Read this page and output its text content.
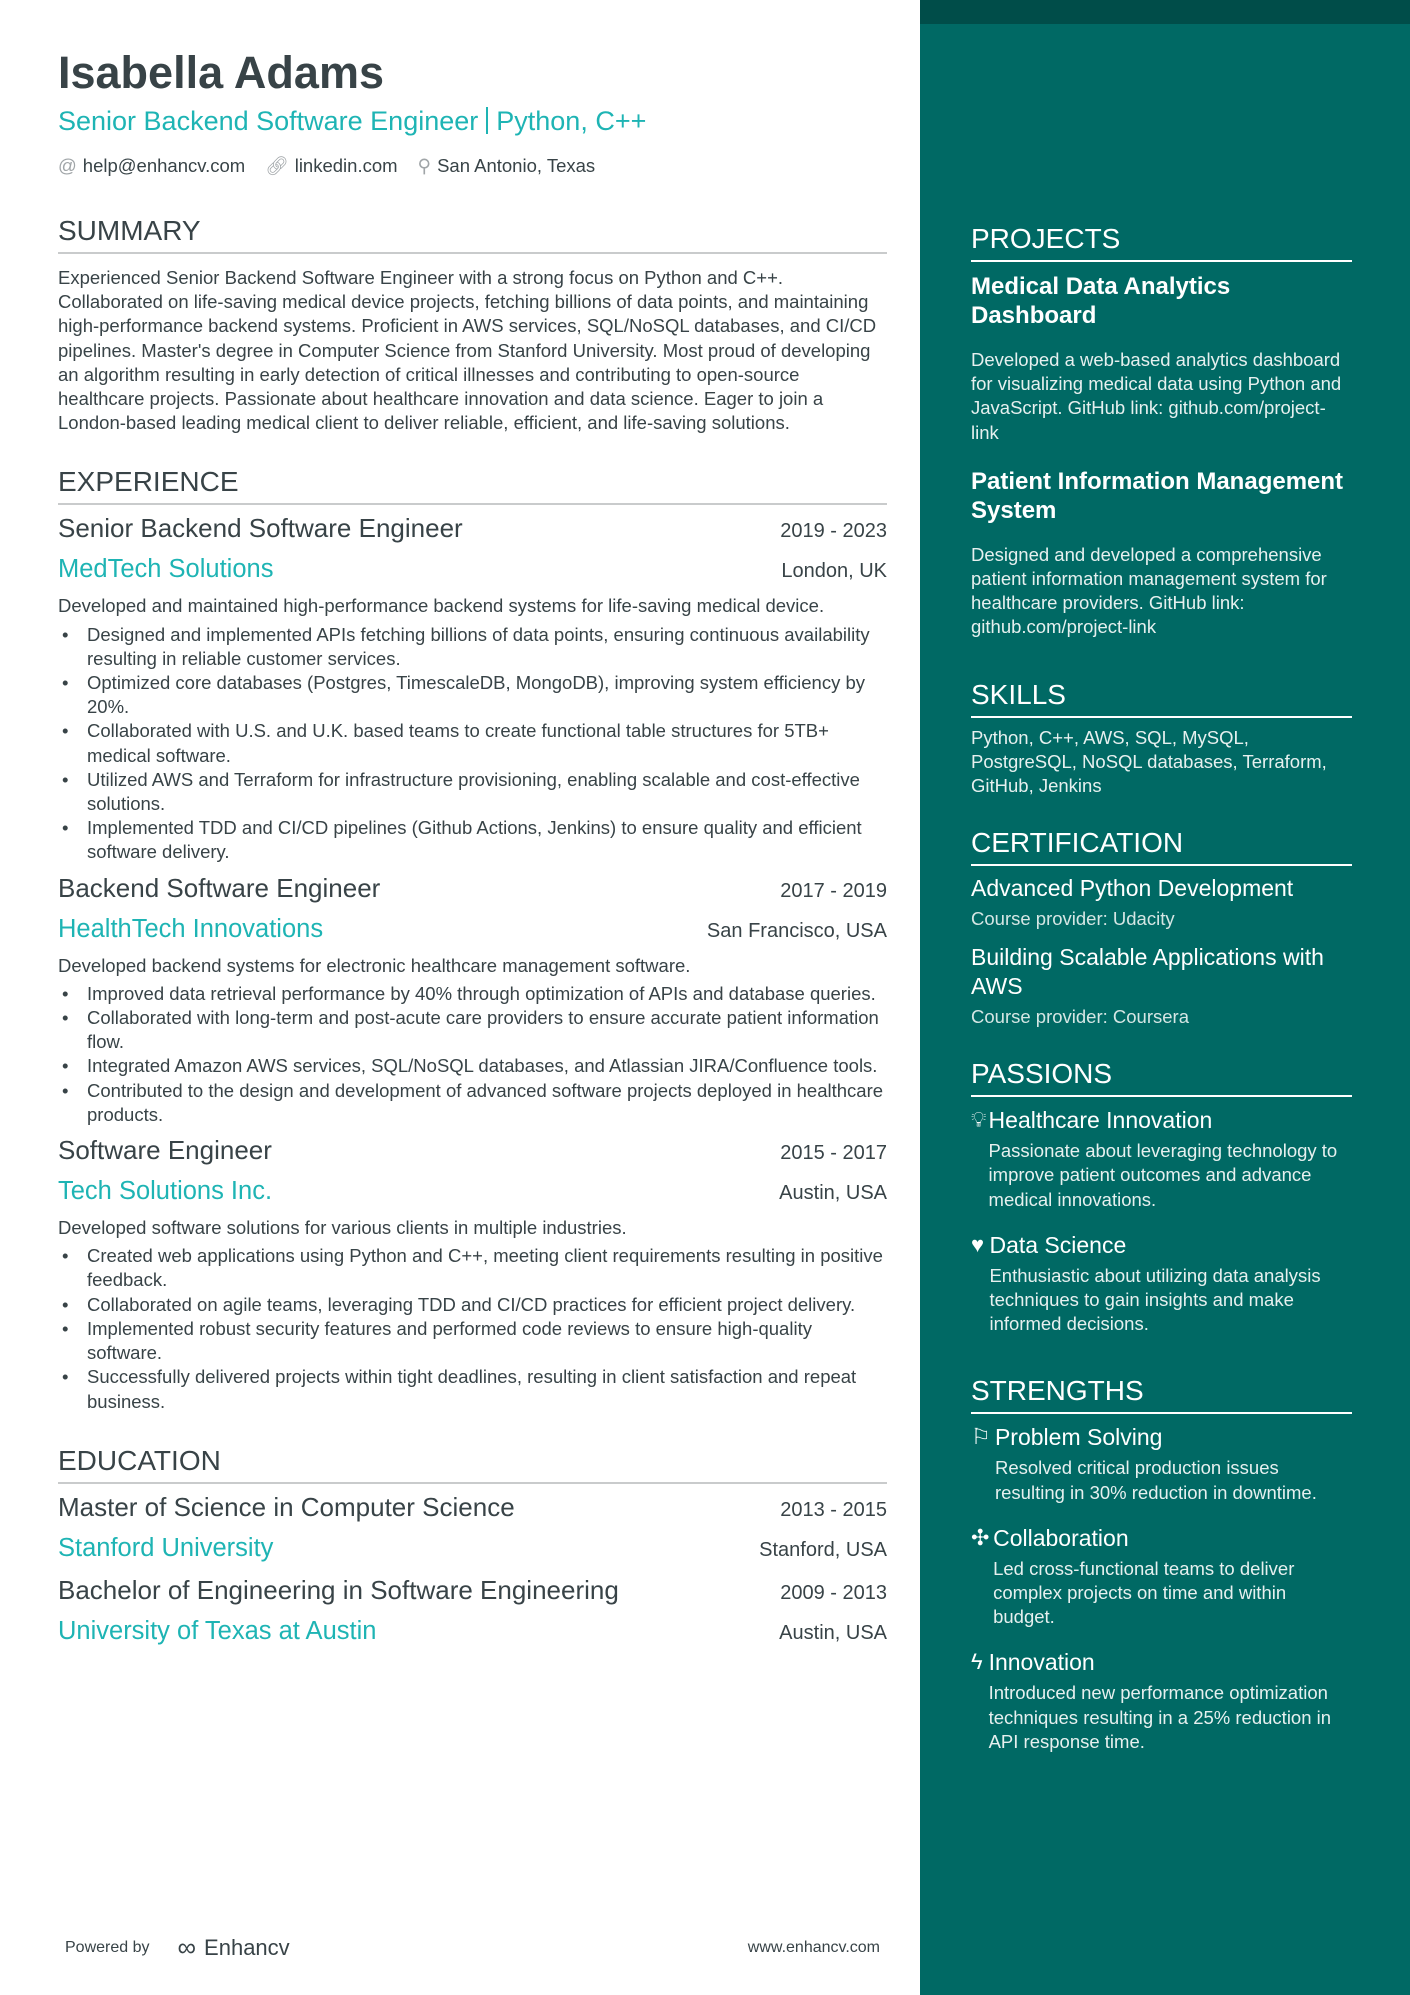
Isabella Adams
Senior Backend Software Engineer Python, C++
@ help@enhancv.com 🔗︎ linkedin.com ⚲ San Antonio, Texas
SUMMARY
Experienced Senior Backend Software Engineer with a strong focus on Python and C++. Collaborated on life-saving medical device projects, fetching billions of data points, and maintaining high-performance backend systems. Proficient in AWS services, SQL/NoSQL databases, and CI/CD pipelines. Master's degree in Computer Science from Stanford University. Most proud of developing an algorithm resulting in early detection of critical illnesses and contributing to open-source healthcare projects. Passionate about healthcare innovation and data science. Eager to join a London-based leading medical client to deliver reliable, efficient, and life-saving solutions.
EXPERIENCE
Senior Backend Software Engineer	2019 - 2023
MedTech Solutions	London, UK
Developed and maintained high-performance backend systems for life-saving medical device.
• Designed and implemented APIs fetching billions of data points, ensuring continuous availability resulting in reliable customer services.
• Optimized core databases (Postgres, TimescaleDB, MongoDB), improving system efficiency by 20%.
• Collaborated with U.S. and U.K. based teams to create functional table structures for 5TB+ medical software.
• Utilized AWS and Terraform for infrastructure provisioning, enabling scalable and cost-effective solutions.
• Implemented TDD and CI/CD pipelines (Github Actions, Jenkins) to ensure quality and efficient software delivery.
Backend Software Engineer	2017 - 2019
HealthTech Innovations	San Francisco, USA
Developed backend systems for electronic healthcare management software.
• Improved data retrieval performance by 40% through optimization of APIs and database queries.
• Collaborated with long-term and post-acute care providers to ensure accurate patient information flow.
• Integrated Amazon AWS services, SQL/NoSQL databases, and Atlassian JIRA/Confluence tools.
• Contributed to the design and development of advanced software projects deployed in healthcare products.
Software Engineer	2015 - 2017
Tech Solutions Inc.	Austin, USA
Developed software solutions for various clients in multiple industries.
• Created web applications using Python and C++, meeting client requirements resulting in positive feedback.
• Collaborated on agile teams, leveraging TDD and CI/CD practices for efficient project delivery.
• Implemented robust security features and performed code reviews to ensure high-quality software.
• Successfully delivered projects within tight deadlines, resulting in client satisfaction and repeat business.
EDUCATION
Master of Science in Computer Science	2013 - 2015
Stanford University	Stanford, USA
Bachelor of Engineering in Software Engineering	2009 - 2013
University of Texas at Austin	Austin, USA
PROJECTS
Medical Data Analytics Dashboard
Developed a web-based analytics dashboard for visualizing medical data using Python and JavaScript. GitHub link: github.com/project-link
Patient Information Management System
Designed and developed a comprehensive patient information management system for healthcare providers. GitHub link: github.com/project-link
SKILLS
Python, C++, AWS, SQL, MySQL, PostgreSQL, NoSQL databases, Terraform, GitHub, Jenkins
CERTIFICATION
Advanced Python Development
Course provider: Udacity
Building Scalable Applications with AWS
Course provider: Coursera
PASSIONS
💡︎ Healthcare Innovation
Passionate about leveraging technology to improve patient outcomes and advance medical innovations.
♥ Data Science
Enthusiastic about utilizing data analysis techniques to gain insights and make informed decisions.
STRENGTHS
⚐ Problem Solving
Resolved critical production issues resulting in 30% reduction in downtime.
✣ Collaboration
Led cross-functional teams to deliver complex projects on time and within budget.
ϟ Innovation
Introduced new performance optimization techniques resulting in a 25% reduction in API response time.
Powered by ∞ Enhancv	www.enhancv.com
